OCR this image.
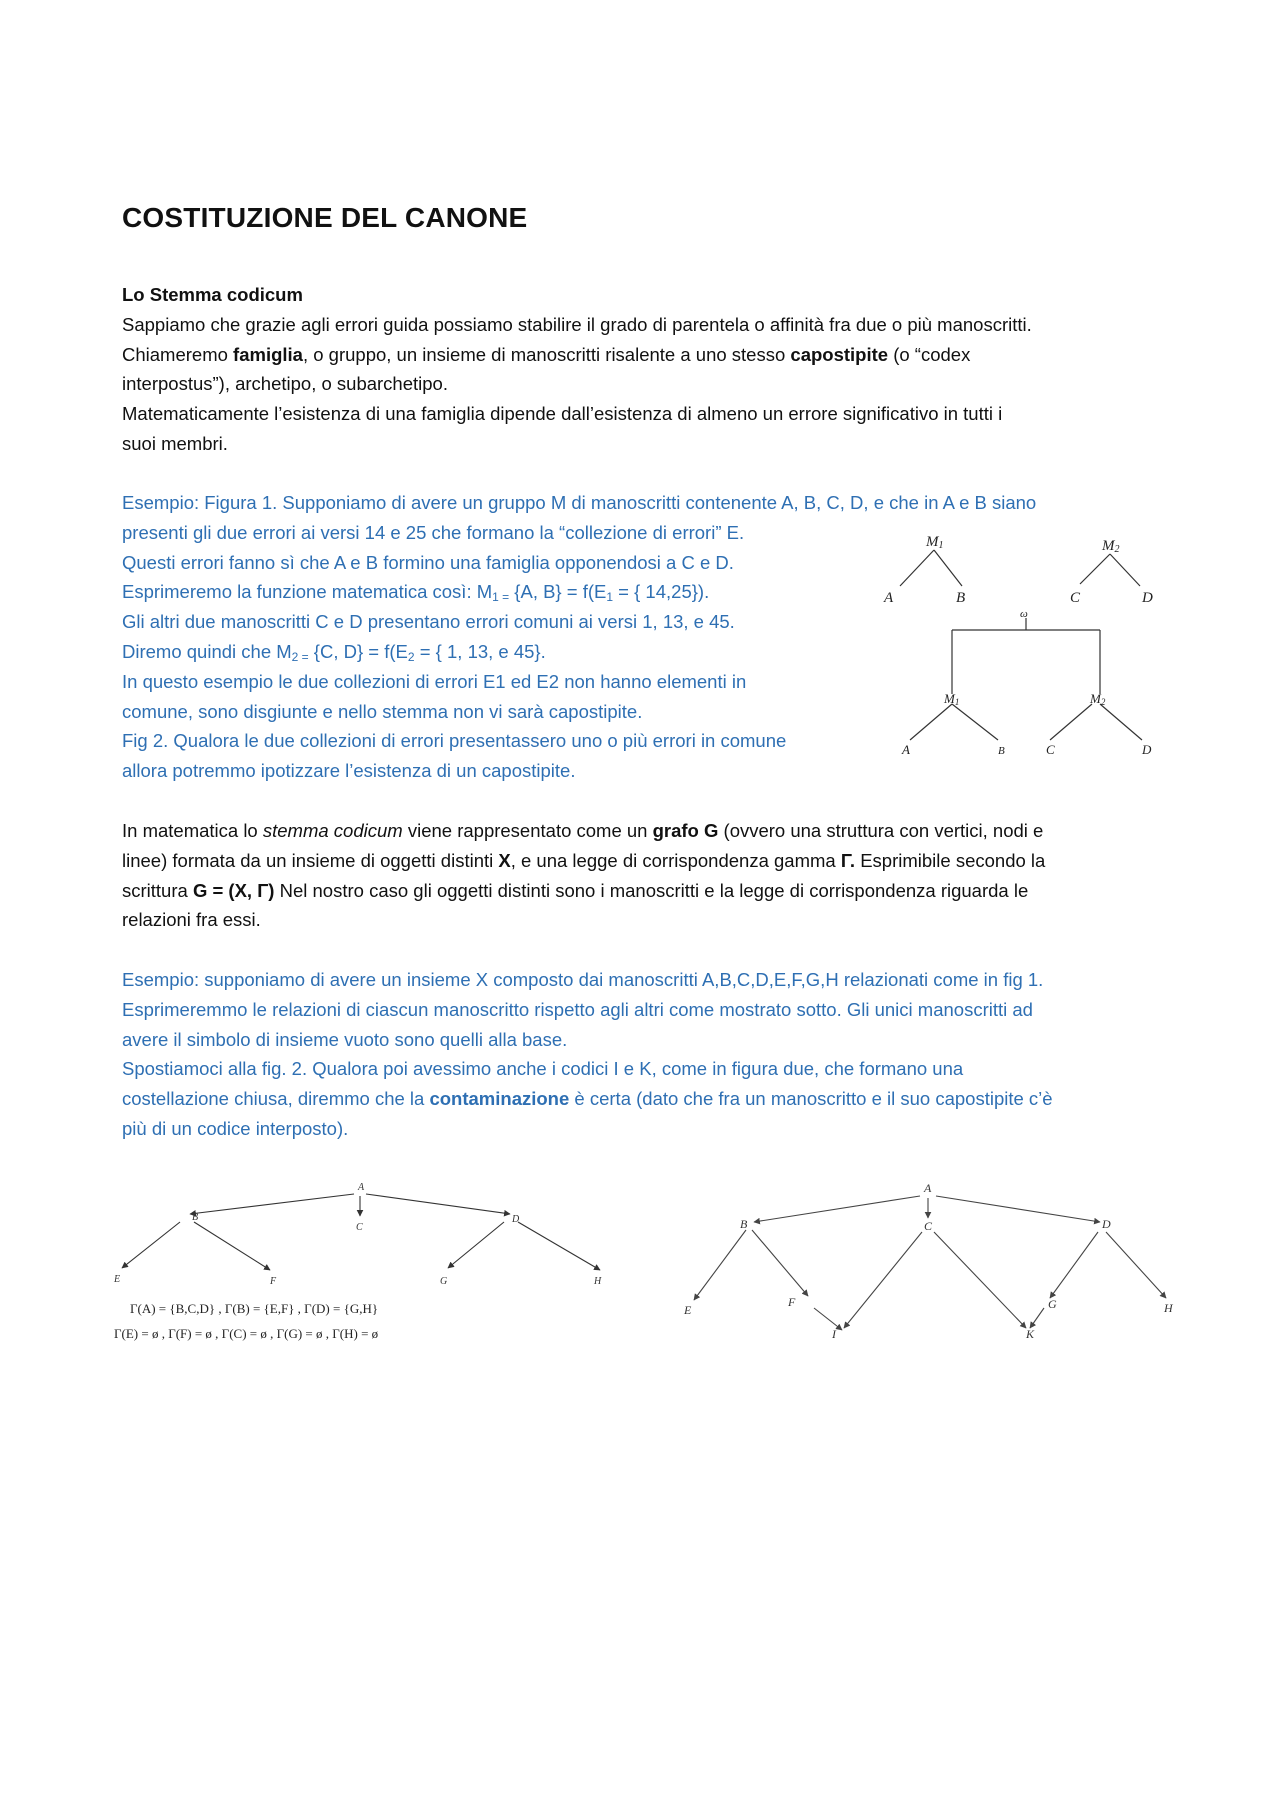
COSTITUZIONE DEL CANONE
Lo Stemma codicum
Sappiamo che grazie agli errori guida possiamo stabilire il grado di parentela o affinità fra due o più manoscritti.
Chiameremo famiglia, o gruppo, un insieme di manoscritti risalente a uno stesso capostipite (o “codex
interpostus”), archetipo, o subarchetipo.
Matematicamente l’esistenza di una famiglia dipende dall’esistenza di almeno un errore significativo in tutti i
suoi membri.
Esempio: Figura 1. Supponiamo di avere un gruppo M di manoscritti contenente A, B, C, D, e che in A e B siano
presenti gli due errori ai versi 14 e 25 che formano la “collezione di errori” E.
Questi errori fanno sì che A e B formino una famiglia opponendosi a C e D.
Esprimeremo la funzione matematica così: $M_{1 =}$ {A, $B\} = f(E_1$ = { 14,25}).
Gli altri due manoscritti C e D presentano errori comuni ai versi 1, 13, e 45.
Diremo quindi che $M_{2 =}$ {C, $D\} = f(E_2$ = { 1, 13, e 45}.
In questo esempio le due collezioni di errori E1 ed E2 non hanno elementi in
comune, sono disgiunte e nello stemma non vi sarà capostipite.
Fig 2. Qualora le due collezioni di errori presentassero uno o più errori in comune
allora potremmo ipotizzare l’esistenza di un capostipite.
In matematica lo stemma codicum viene rappresentato come un grafo G (ovvero una struttura con vertici, nodi e
linee) formata da un insieme di oggetti distinti X, e una legge di corrispondenza gamma Γ. Esprimibile secondo la
scrittura G = (X, Γ) Nel nostro caso gli oggetti distinti sono i manoscritti e la legge di corrispondenza riguarda le
relazioni fra essi.
Esempio: supponiamo di avere un insieme X composto dai manoscritti A,B,C,D,E,F,G,H relazionati come in fig 1.
Esprimeremmo le relazioni di ciascun manoscritto rispetto agli altri come mostrato sotto. Gli unici manoscritti ad
avere il simbolo di insieme vuoto sono quelli alla base.
Spostiamoci alla fig. 2. Qualora poi avessimo anche i codici I e K, come in figura due, che formano una
costellazione chiusa, diremmo che la contaminazione è certa (dato che fra un manoscritto e il suo capostipite c’è
più di un codice interposto).
M1
A	B
M2
C	D
ω
M1	M2
A	B	C	D
A
B
C
D
E	F	G	H
Γ(A) = {B,C,D} , Γ(B) = {E,F} , Γ(D) = {G,H}
Γ(E) = ø , Γ(F) = ø , Γ(C) = ø , Γ(G) = ø , Γ(H) = ø
A
B	C	D
E
F	G	H
I	K
